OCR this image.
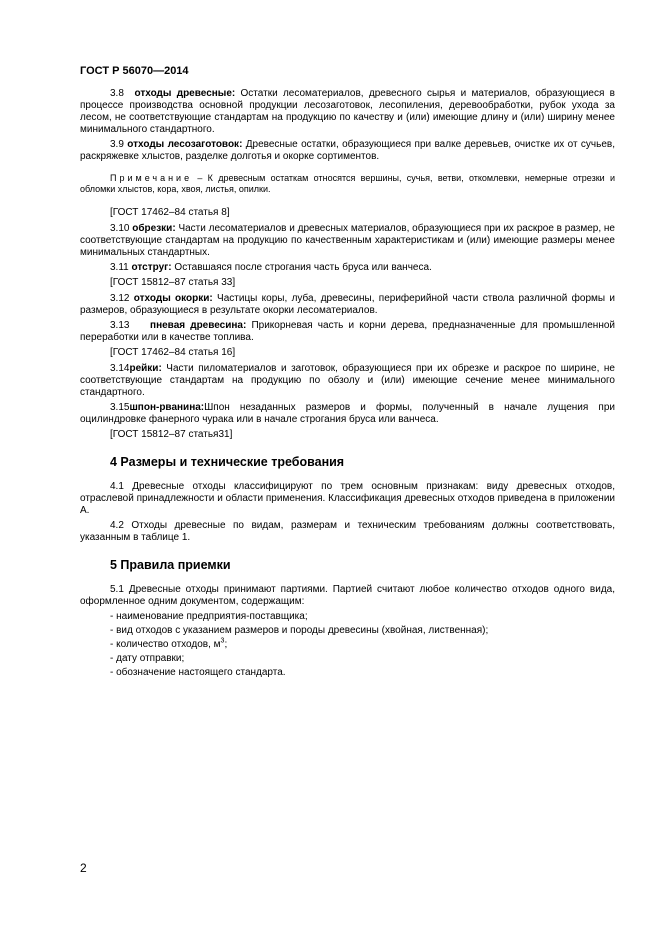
ГОСТ Р 56070—2014

3.8 отходы древесные: Остатки лесоматериалов, древесного сырья и материалов, образующиеся в процессе производства основной продукции лесозаготовок, лесопиления, деревообработки, рубок ухода за лесом, не соответствующие стандартам на продукцию по качеству и (или) имеющие длину и (или) ширину менее минимального стандартного.

3.9 отходы лесозаготовок: Древесные остатки, образующиеся при валке деревьев, очистке их от сучьев, раскряжевке хлыстов, разделке долготья и окорке сортиментов.

Примечание – К древесным остаткам относятся вершины, сучья, ветви, откомлевки, немерные отрезки и обломки хлыстов, кора, хвоя, листья, опилки.

[ГОСТ 17462–84 статья 8]

3.10 обрезки: Части лесоматериалов и древесных материалов, образующиеся при их раскрое в размер, не соответствующие стандартам на продукцию по качественным характеристикам и (или) имеющие размеры менее минимальных стандартных.

3.11 отструг: Оставшаяся после строгания часть бруса или ванчеса.

[ГОСТ 15812–87 статья 33]

3.12 отходы окорки: Частицы коры, луба, древесины, периферийной части ствола различной формы и размеров, образующиеся в результате окорки лесоматериалов.

3.13 пневая древесина: Прикорневая часть и корни дерева, предназначенные для промышленной переработки или в качестве топлива.

[ГОСТ 17462–84 статья 16]

3.14рейки: Части пиломатериалов и заготовок, образующиеся при их обрезке и раскрое по ширине, не соответствующие стандартам на продукцию по обзолу и (или) имеющие сечение менее минимального стандартного.

3.15шпон-рванина:Шпон незаданных размеров и формы, полученный в начале лущения при оцилиндровке фанерного чурака или в начале строгания бруса или ванчеса.

[ГОСТ 15812–87 статья31]

4 Размеры и технические требования

4.1 Древесные отходы классифицируют по трем основным признакам: виду древесных отходов, отраслевой принадлежности и области применения. Классификация древесных отходов приведена в приложении А.

4.2 Отходы древесные по видам, размерам и техническим требованиям должны соответствовать, указанным в таблице 1.

5 Правила приемки

5.1 Древесные отходы принимают партиями. Партией считают любое количество отходов одного вида, оформленное одним документом, содержащим:

- наименование предприятия-поставщика;
- вид отходов с указанием размеров и породы древесины (хвойная, лиственная);
- количество отходов, $м^3$;
- дату отправки;
- обозначение настоящего стандарта.
2
